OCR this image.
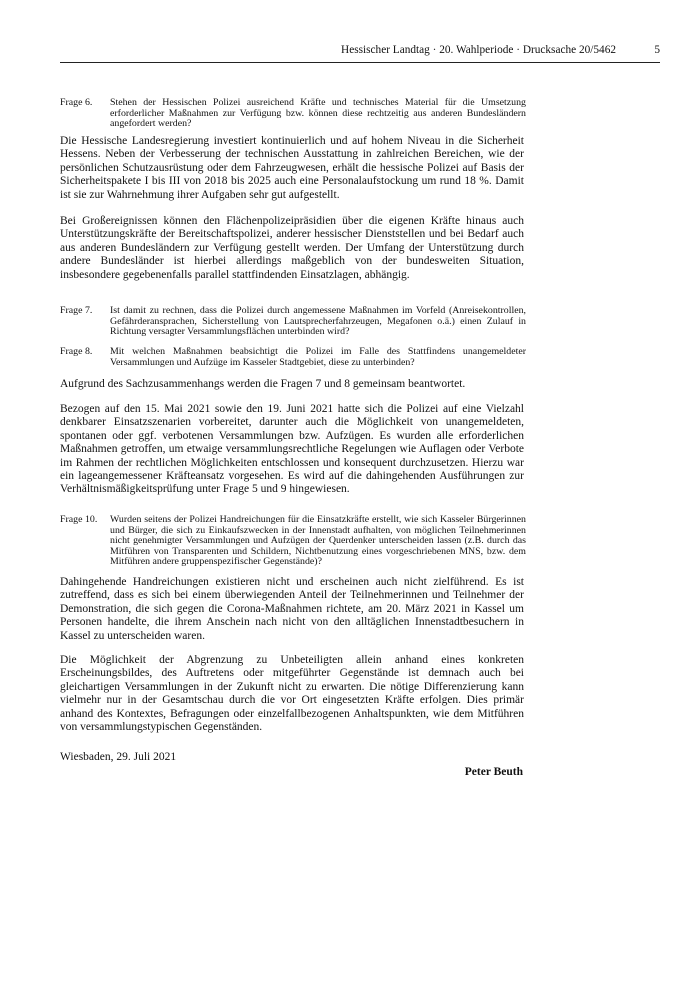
Hessischer Landtag · 20. Wahlperiode · Drucksache 20/5462	5
Frage 6. Stehen der Hessischen Polizei ausreichend Kräfte und technisches Material für die Umsetzung erforderlicher Maßnahmen zur Verfügung bzw. können diese rechtzeitig aus anderen Bundesländern angefordert werden?

Die Hessische Landesregierung investiert kontinuierlich und auf hohem Niveau in die Sicherheit Hessens. Neben der Verbesserung der technischen Ausstattung in zahlreichen Bereichen, wie der persönlichen Schutzausrüstung oder dem Fahrzeugwesen, erhält die hessische Polizei auf Basis der Sicherheitspakete I bis III von 2018 bis 2025 auch eine Personalaufstockung um rund 18 %. Damit ist sie zur Wahrnehmung ihrer Aufgaben sehr gut aufgestellt.

Bei Großereignissen können den Flächenpolizeipräsidien über die eigenen Kräfte hinaus auch Unterstützungskräfte der Bereitschaftspolizei, anderer hessischer Dienststellen und bei Bedarf auch aus anderen Bundesländern zur Verfügung gestellt werden. Der Umfang der Unterstützung durch andere Bundesländer ist hierbei allerdings maßgeblich von der bundesweiten Situation, insbesondere gegebenenfalls parallel stattfindenden Einsatzlagen, abhängig.

Frage 7. Ist damit zu rechnen, dass die Polizei durch angemessene Maßnahmen im Vorfeld (Anreisekontrollen, Gefährderansprachen, Sicherstellung von Lautsprecherfahrzeugen, Megafonen o.ä.) einen Zulauf in Richtung versagter Versammlungsflächen unterbinden wird?
Frage 8. Mit welchen Maßnahmen beabsichtigt die Polizei im Falle des Stattfindens unangemeldeter Versammlungen und Aufzüge im Kasseler Stadtgebiet, diese zu unterbinden?

Aufgrund des Sachzusammenhangs werden die Fragen 7 und 8 gemeinsam beantwortet.

Bezogen auf den 15. Mai 2021 sowie den 19. Juni 2021 hatte sich die Polizei auf eine Vielzahl denkbarer Einsatzszenarien vorbereitet, darunter auch die Möglichkeit von unangemeldeten, spontanen oder ggf. verbotenen Versammlungen bzw. Aufzügen. Es wurden alle erforderlichen Maßnahmen getroffen, um etwaige versammlungsrechtliche Regelungen wie Auflagen oder Verbote im Rahmen der rechtlichen Möglichkeiten entschlossen und konsequent durchzusetzen. Hierzu war ein lageangemessener Kräfteansatz vorgesehen. Es wird auf die dahingehenden Ausführungen zur Verhältnismäßigkeitsprüfung unter Frage 5 und 9 hingewiesen.

Frage 10. Wurden seitens der Polizei Handreichungen für die Einsatzkräfte erstellt, wie sich Kasseler Bürgerinnen und Bürger, die sich zu Einkaufszwecken in der Innenstadt aufhalten, von möglichen Teilnehmerinnen nicht genehmigter Versammlungen und Aufzügen der Querdenker unterscheiden lassen (z.B. durch das Mitführen von Transparenten und Schildern, Nichtbenutzung eines vorgeschriebenen MNS, bzw. dem Mitführen andere gruppenspezifischer Gegenstände)?

Dahingehende Handreichungen existieren nicht und erscheinen auch nicht zielführend. Es ist zutreffend, dass es sich bei einem überwiegenden Anteil der Teilnehmerinnen und Teilnehmer der Demonstration, die sich gegen die Corona-Maßnahmen richtete, am 20. März 2021 in Kassel um Personen handelte, die ihrem Anschein nach nicht von den alltäglichen Innenstadtbesuchern in Kassel zu unterscheiden waren.

Die Möglichkeit der Abgrenzung zu Unbeteiligten allein anhand eines konkreten Erscheinungsbildes, des Auftretens oder mitgeführter Gegenstände ist demnach auch bei gleichartigen Versammlungen in der Zukunft nicht zu erwarten. Die nötige Differenzierung kann vielmehr nur in der Gesamtschau durch die vor Ort eingesetzten Kräfte erfolgen. Dies primär anhand des Kontextes, Befragungen oder einzelfallbezogenen Anhaltspunkten, wie dem Mitführen von versammlungstypischen Gegenständen.

Wiesbaden, 29. Juli 2021
Peter Beuth
